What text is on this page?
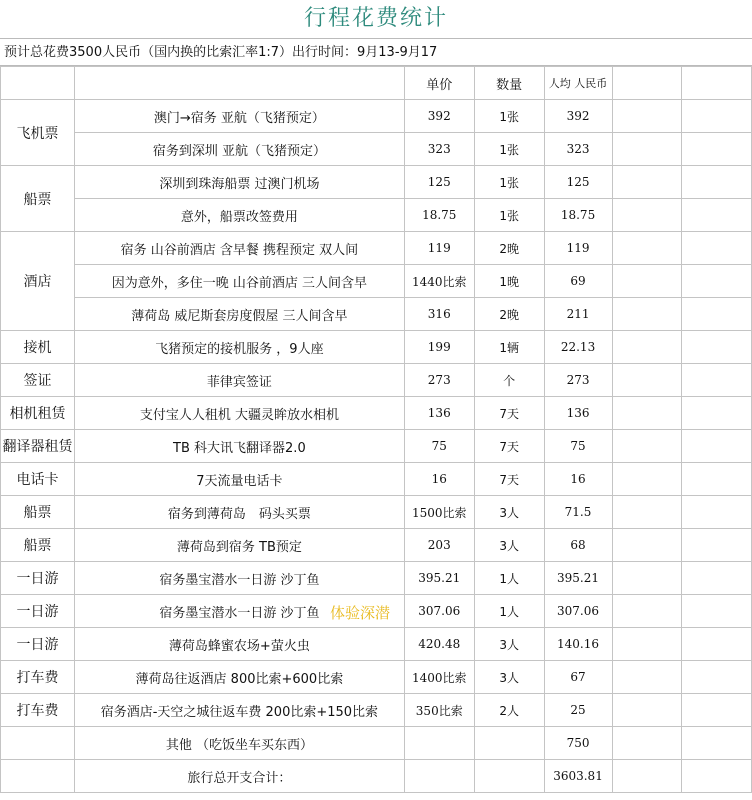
行程花费统计
预计总花费3500人民币（国内换的比索汇率1:7）出行时间：9月13-9月17
		单价	数量	人均 人民币		
飞机票	澳门→宿务 亚航（飞猪预定）	392	1张	392		
	宿务到深圳 亚航（飞猪预定）	323	1张	323		
船票	深圳到珠海船票 过澳门机场	125	1张	125		
	意外，船票改签费用	18.75	1张	18.75		
酒店	宿务 山谷前酒店 含早餐 携程预定 双人间	119	2晚	119		
	因为意外，多住一晚 山谷前酒店 三人间含早	1440比索	1晚	69		
	薄荷岛 威尼斯套房度假屋 三人间含早	316	2晚	211		
接机	飞猪预定的接机服务 ，9人座	199	1辆	22.13		
签证	菲律宾签证	273	个	273		
相机租赁	支付宝人人租机 大疆灵眸放水相机	136	7天	136		
翻译器租赁	TB 科大讯飞翻译器2.0	75	7天	75		
电话卡	7天流量电话卡	16	7天	16		
船票	宿务到薄荷岛　码头买票	1500比索	3人	71.5		
船票	薄荷岛到宿务 TB预定	203	3人	68		
一日游	宿务墨宝潜水一日游 沙丁鱼	395.21	1人	395.21		
一日游	宿务墨宝潜水一日游 沙丁鱼	307.06	1人	307.06		
一日游	薄荷岛蜂蜜农场+萤火虫	420.48	3人	140.16		
打车费	薄荷岛往返酒店 800比索+600比索	1400比索	3人	67		
打车费	宿务酒店-天空之城往返车费 200比索+150比索	350比索	2人	25		
	其他 （吃饭坐车买东西）			750		
	旅行总开支合计：			3603.81		
体验深潜
